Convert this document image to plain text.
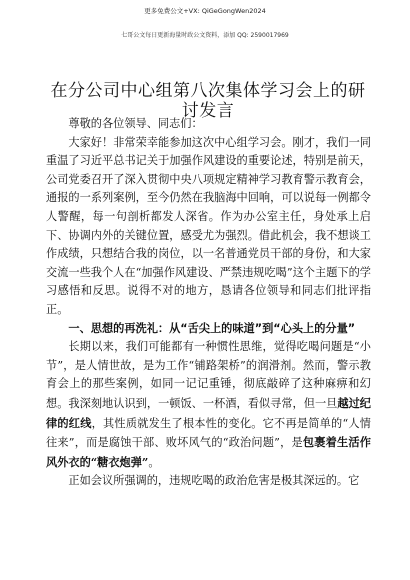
更多免费公文+VX: QiGeGongWen2024
七哥公文每日更新海量时政公文资料，添加 QQ: 2590017969
在分公司中心组第八次集体学习会上的研讨发言

尊敬的各位领导、同志们：

大家好！非常荣幸能参加这次中心组学习会。刚才，我们一同重温了习近平总书记关于加强作风建设的重要论述，特别是前天，公司党委召开了深入贯彻中央八项规定精神学习教育警示教育会，通报的一系列案例，至今仍然在我脑海中回响，可以说每一例都令人警醒，每一句剖析都发人深省。作为办公室主任，身处承上启下、协调内外的关键位置，感受尤为强烈。借此机会，我不想谈工作成绩，只想结合我的岗位，以一名普通党员干部的身份，和大家交流一些我个人在“加强作风建设、严禁违规吃喝”这个主题下的学习感悟和反思。说得不对的地方，恳请各位领导和同志们批评指正。

一、思想的再洗礼：从“舌尖上的味道”到“心头上的分量”

长期以来，我们可能都有一种惯性思维，觉得吃喝问题是“小节”，是人情世故，是为工作“铺路架桥”的润滑剂。然而，警示教育会上的那些案例，如同一记记重锤，彻底敲碎了这种麻痹和幻想。我深刻地认识到，一顿饭、一杯酒，看似寻常，但一旦越过纪律的红线，其性质就发生了根本性的变化。它不再是简单的“人情往来”，而是腐蚀干部、败坏风气的“政治问题”，是包裹着生活作风外衣的“糖衣炮弹”。

正如会议所强调的，违规吃喝的政治危害是极其深远的。它
